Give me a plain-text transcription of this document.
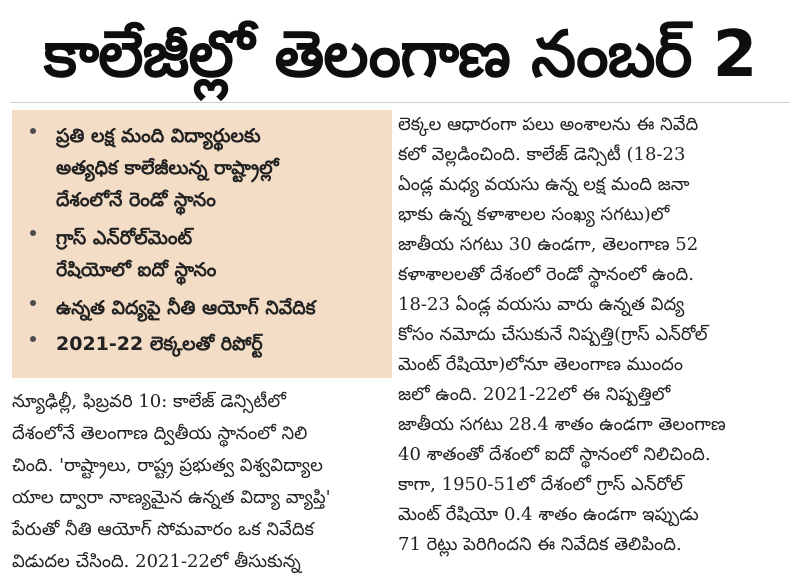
కాలేజీల్లో తెలంగాణ నంబర్‌ 2
ప్రతి లక్ష మంది విద్యార్థులకు
అత్యధిక కాలేజీలున్న రాష్ట్రాల్లో
దేశంలోనే రెండో స్థానం
గ్రాస్‌ ఎన్‌రోల్‌మెంట్‌
రేషియోలో ఐదో స్థానం
ఉన్నత విద్యపై నీతి ఆయోగ్‌ నివేదిక
2021-22 లెక్కలతో రిపోర్ట్‌
న్యూఢిల్లీ, ఫిబ్రవరి 10: కాలేజ్‌ డెన్సిటీలో
దేశంలోనే తెలంగాణ ద్వితీయ స్థానంలో నిలి
చింది. 'రాష్ట్రాలు, రాష్ట్ర ప్రభుత్వ విశ్వవిద్యాల
యాల ద్వారా నాణ్యమైన ఉన్నత విద్యా వ్యాప్తి'
పేరుతో నీతి ఆయోగ్‌ సోమవారం ఒక నివేదిక
విడుదల చేసింది. 2021-22లో తీసుకున్న
లెక్కల ఆధారంగా పలు అంశాలను ఈ నివేది
కలో వెల్లడించింది. కాలేజ్‌ డెన్సిటీ (18-23
ఏండ్ల మధ్య వయసు ఉన్న లక్ష మంది జనా
భాకు ఉన్న కళాశాలల సంఖ్య సగటు)లో
జాతీయ సగటు 30 ఉండగా, తెలంగాణ 52
కళాశాలలతో దేశంలో రెండో స్థానంలో ఉంది.
18-23 ఏండ్ల వయసు వారు ఉన్నత విద్య
కోసం నమోదు చేసుకునే నిష్పత్తి(గ్రాస్‌ ఎన్‌రోల్‌
మెంట్‌ రేషియో)లోనూ తెలంగాణ ముందం
జలో ఉంది. 2021-22లో ఈ నిష్పత్తిలో
జాతీయ సగటు 28.4 శాతం ఉండగా తెలంగాణ
40 శాతంతో దేశంలో ఐదో స్థానంలో నిలిచింది.
కాగా, 1950-51లో దేశంలో గ్రాస్‌ ఎన్‌రోల్‌
మెంట్‌ రేషియో 0.4 శాతం ఉండగా ఇప్పుడు
71 రెట్లు పెరిగిందని ఈ నివేదిక తెలిపింది.
